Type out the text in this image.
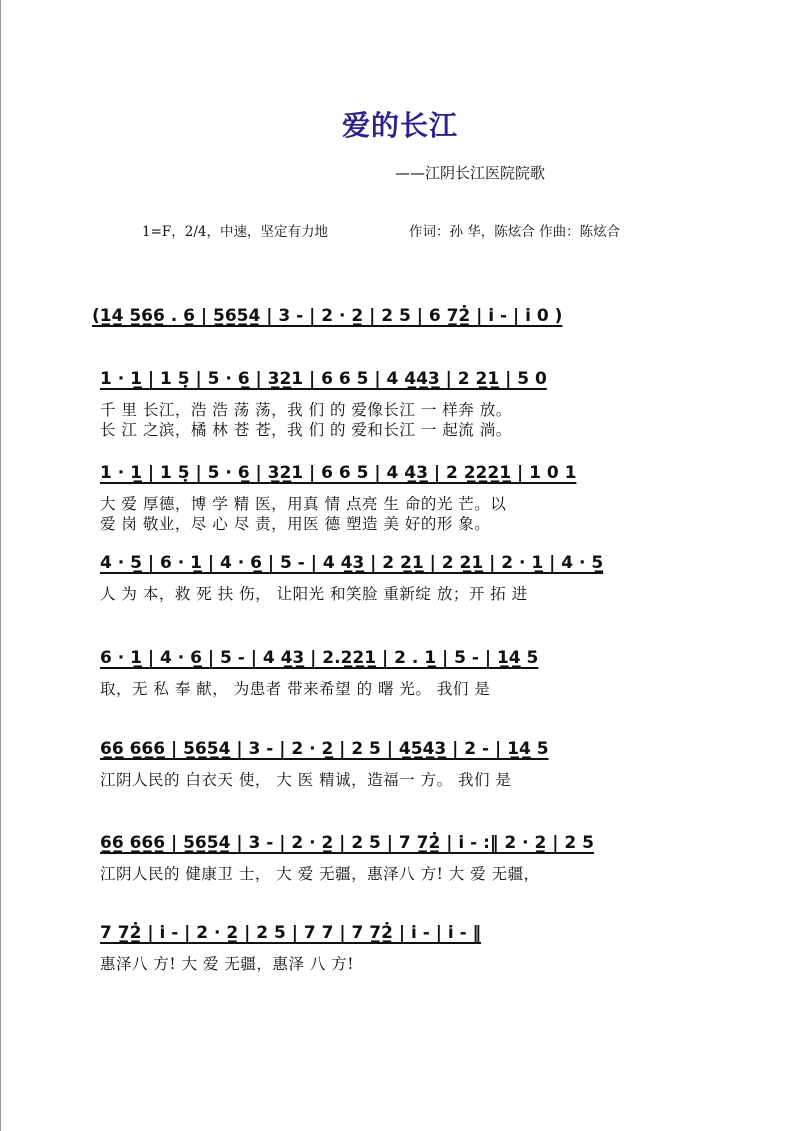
爱的长江
——江阴长江医院院歌
1=F，2/4，中速，坚定有力地	作词：孙 华，陈炫合 作曲：陈炫合
(1̲4̲ 5̲6̲6̲ . 6̲ | 5̲6̲5̲4̲ | 3 - | 2 · 2̲ | 2 5 | 6 7̲2̲̇ | i̇ - | i̇ 0 )
1 · 1̲ | 1 5̣ | 5 · 6̲ | 3̲2̲1 | 6 6 5 | 4 4̲4̲3̲ | 2 2̲1̲ | 5 0
千 里 长江，浩 浩 荡 荡，我 们 的 爱像长江 一 样奔 放。
长 江 之滨，橘 林 苍 苍，我 们 的 爱和长江 一 起流 淌。
1 · 1̲ | 1 5̣ | 5 · 6̲ | 3̲2̲1 | 6 6 5 | 4 4̲3̲ | 2 2̲2̲2̲1̲ | 1 0 1
大 爱 厚德，博 学 精 医，用真 情 点亮 生 命的光 芒。以
爱 岗 敬业，尽 心 尽 责，用医 德 塑造 美 好的形 象。
4 · 5̲ | 6 · 1̲ | 4 · 6̲ | 5 - | 4 4̲3̲ | 2 2̲1̲ | 2 2̲1̲ | 2 · 1̲ | 4 · 5̲
人 为 本，救 死 扶 伤， 让阳光 和笑脸 重新绽 放；开 拓 进
6 · 1̲ | 4 · 6̲ | 5 - | 4 4̲3̲ | 2.2̲2̲1̲ | 2 . 1̲ | 5 - | 1̲4̲ 5
取，无 私 奉 献， 为患者 带来希望 的 曙 光。 我们 是
6̲6̲ 6̲6̲6̲ | 5̲6̲5̲4̲ | 3 - | 2 · 2̲ | 2 5 | 4̲5̲4̲3̲ | 2 - | 1̲4̲ 5
江阴人民的 白衣天 使， 大 医 精诚，造福一 方。 我们 是
6̲6̲ 6̲6̲6̲ | 5̲6̲5̲4̲ | 3 - | 2 · 2̲ | 2 5 | 7 7̲2̲̇ | i̇ - :‖ 2 · 2̲ | 2 5
江阴人民的 健康卫 士， 大 爱 无疆，惠泽八 方! 大 爱 无疆，
7 7̲2̲̇ | i̇ - | 2 · 2̲ | 2 5 | 7 7 | 7 7̲2̲̇ | i̇ - | i̇ - ‖
惠泽八 方! 大 爱 无疆，惠泽 八 方!
